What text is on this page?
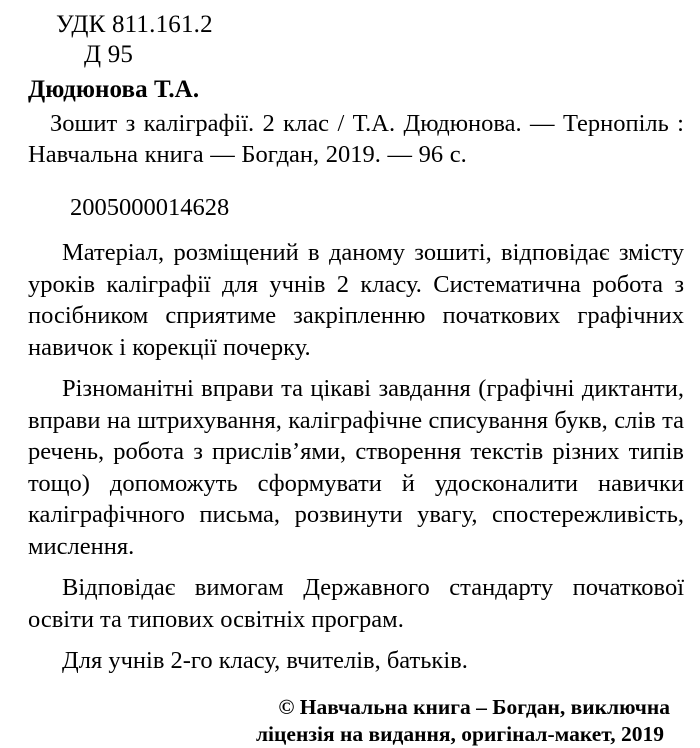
УДК 811.161.2
Д 95
Дюдюнова Т.А.
Зошит з каліграфії. 2 клас / Т.А. Дюдюнова. — Тернопіль : Навчальна книга — Богдан, 2019. — 96 с.
2005000014628
Матеріал, розміщений в даному зошиті, відповідає змісту уроків каліграфії для учнів 2 класу. Систематична робота з посібником сприятиме закріпленню початкових графічних навичок і корекції почерку.
Різноманітні вправи та цікаві завдання (графічні диктанти, вправи на штрихування, каліграфічне списування букв, слів та речень, робота з прислів’ями, створення текстів різних типів тощо) допоможуть сформувати й удосконалити навички каліграфічного письма, розвинути увагу, спостережливість, мислення.
Відповідає вимогам Державного стандарту початкової освіти та типових освітніх програм.
Для учнів 2-го класу, вчителів, батьків.
© Навчальна книга – Богдан, виключна
ліцензія на видання, оригінал-макет, 2019
